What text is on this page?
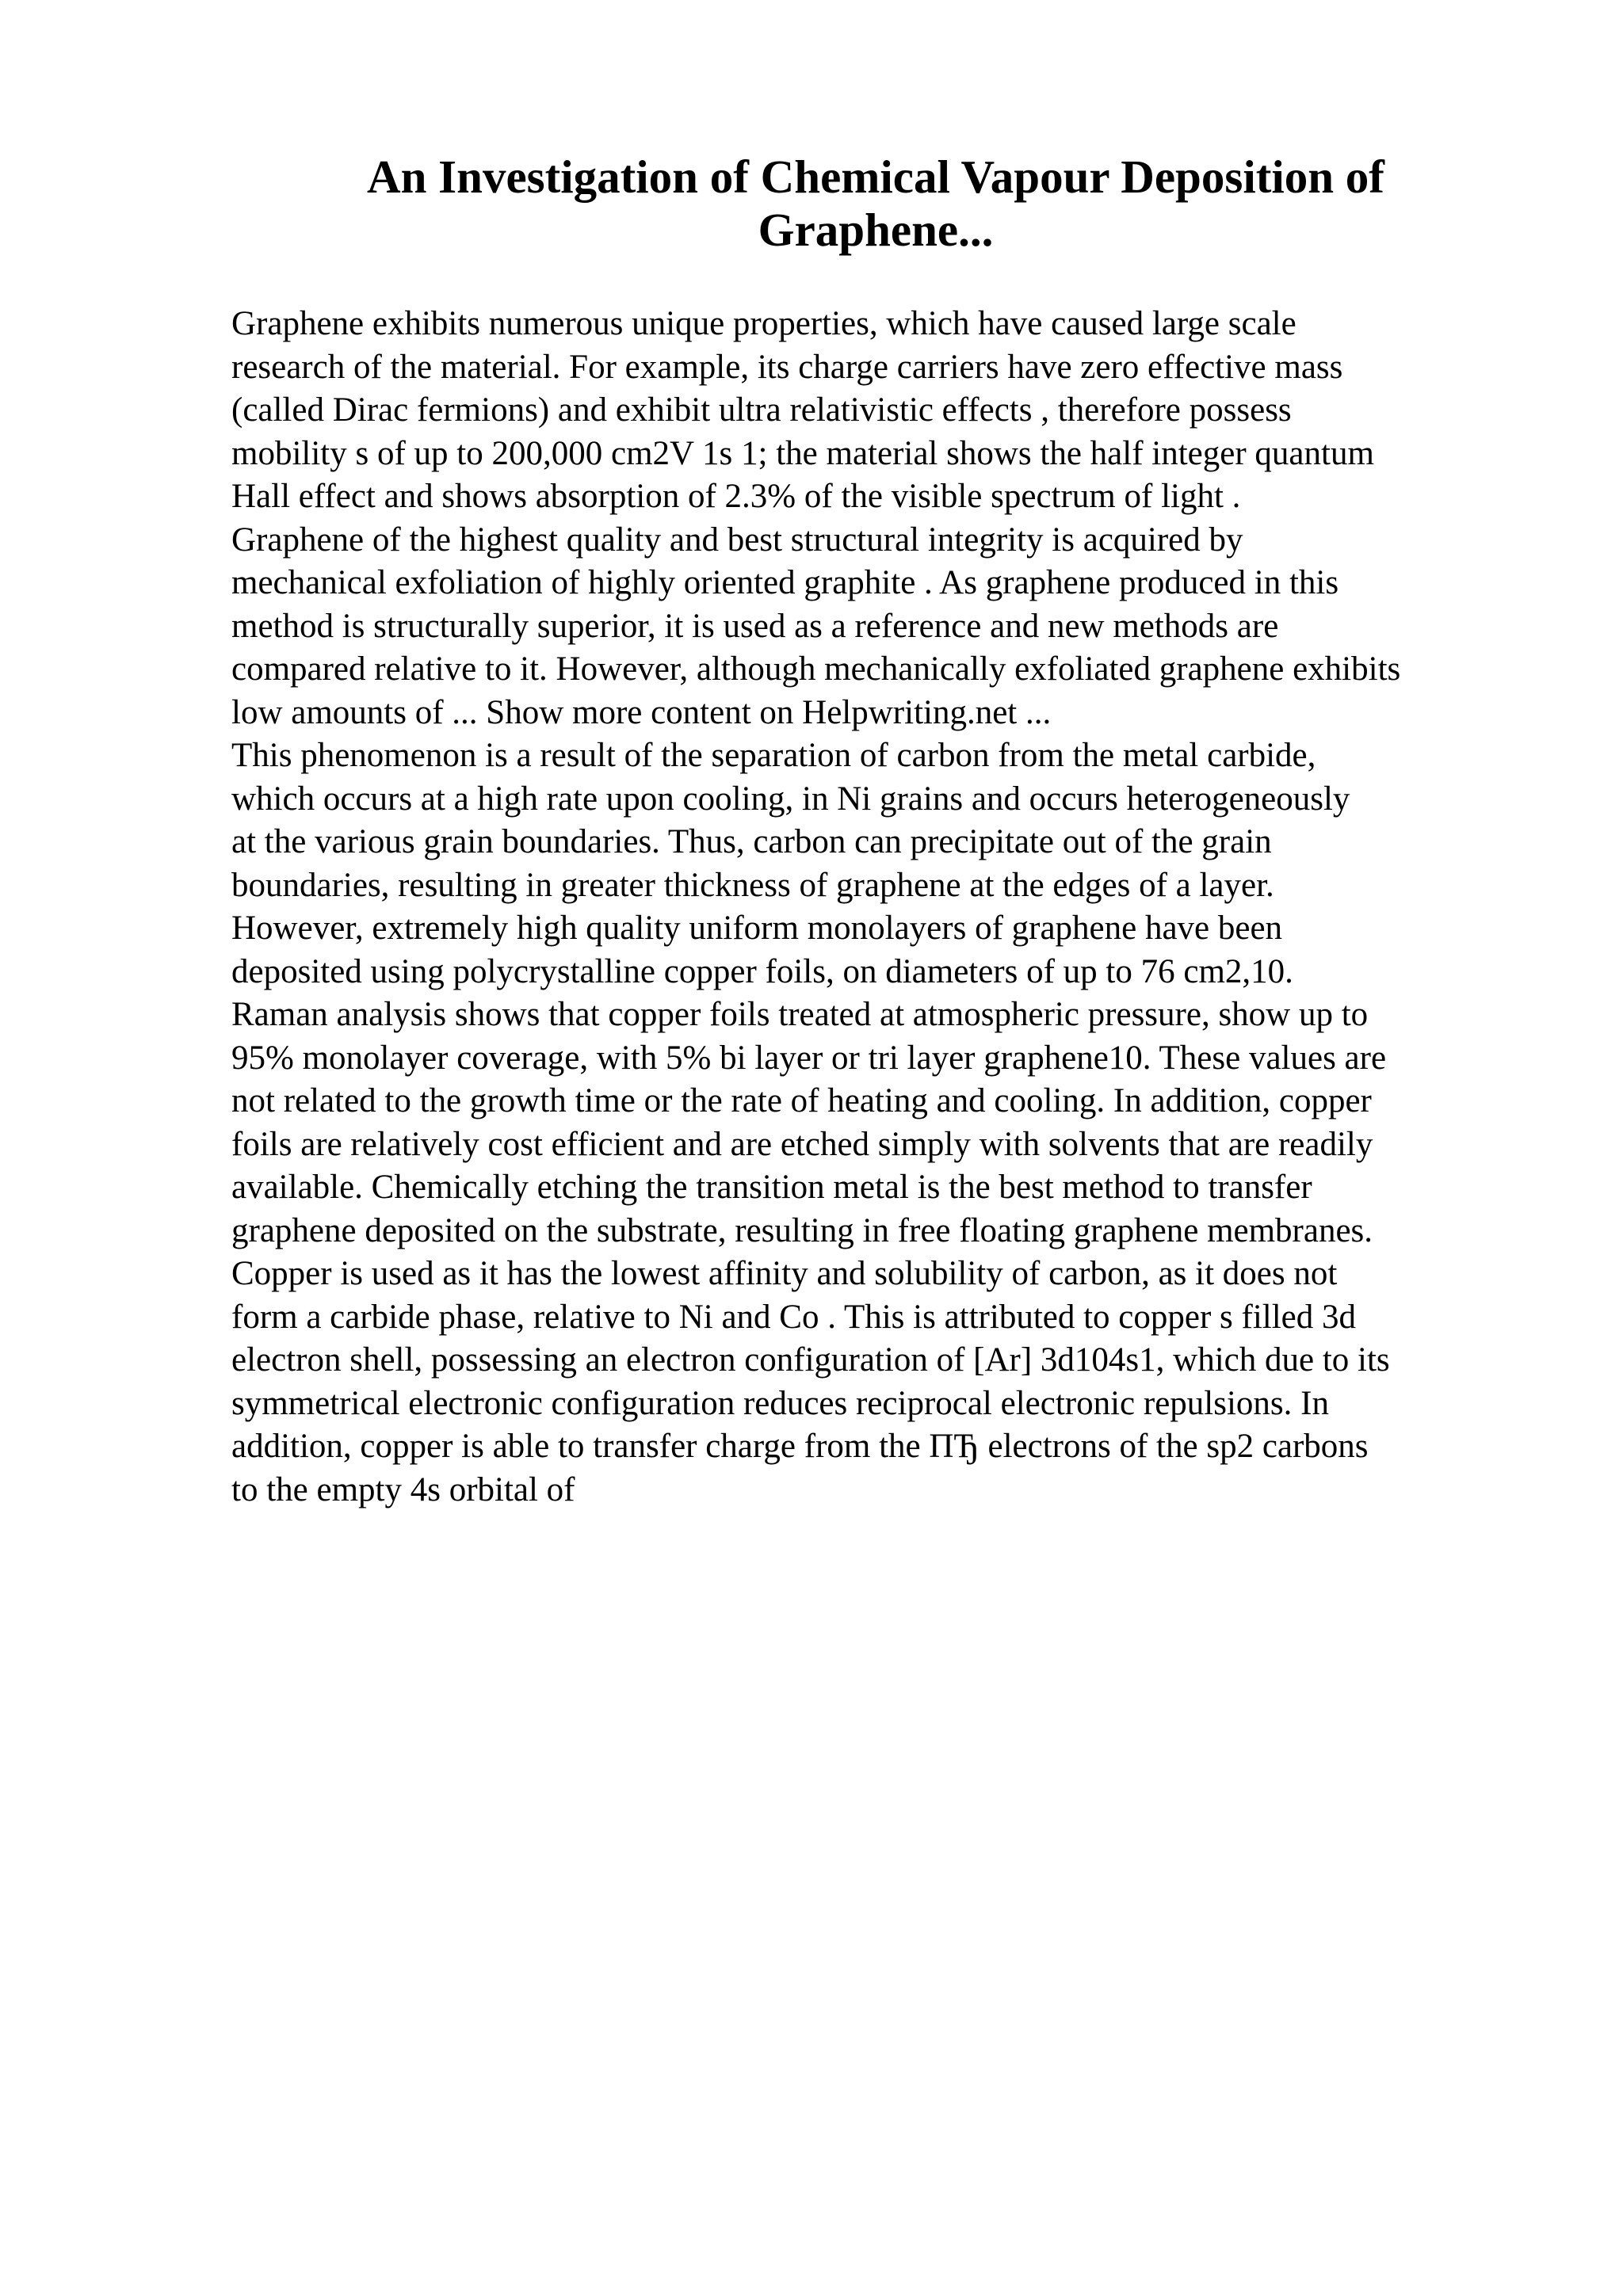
An Investigation of Chemical Vapour Deposition of
Graphene...
Graphene exhibits numerous unique properties, which have caused large scale
research of the material. For example, its charge carriers have zero effective mass
(called Dirac fermions) and exhibit ultra relativistic effects , therefore possess
mobility s of up to 200,000 cm2V 1s 1; the material shows the half integer quantum
Hall effect and shows absorption of 2.3% of the visible spectrum of light .
Graphene of the highest quality and best structural integrity is acquired by
mechanical exfoliation of highly oriented graphite . As graphene produced in this
method is structurally superior, it is used as a reference and new methods are
compared relative to it. However, although mechanically exfoliated graphene exhibits
low amounts of ... Show more content on Helpwriting.net ...
This phenomenon is a result of the separation of carbon from the metal carbide,
which occurs at a high rate upon cooling, in Ni grains and occurs heterogeneously
at the various grain boundaries. Thus, carbon can precipitate out of the grain
boundaries, resulting in greater thickness of graphene at the edges of a layer.
However, extremely high quality uniform monolayers of graphene have been
deposited using polycrystalline copper foils, on diameters of up to 76 cm2,10.
Raman analysis shows that copper foils treated at atmospheric pressure, show up to
95% monolayer coverage, with 5% bi layer or tri layer graphene10. These values are
not related to the growth time or the rate of heating and cooling. In addition, copper
foils are relatively cost efficient and are etched simply with solvents that are readily
available. Chemically etching the transition metal is the best method to transfer
graphene deposited on the substrate, resulting in free floating graphene membranes.
Copper is used as it has the lowest affinity and solubility of carbon, as it does not
form a carbide phase, relative to Ni and Co . This is attributed to copper s filled 3d
electron shell, possessing an electron configuration of [Ar] 3d104s1, which due to its
symmetrical electronic configuration reduces reciprocal electronic repulsions. In
addition, copper is able to transfer charge from the ПЂ electrons of the sp2 carbons
to the empty 4s orbital of
